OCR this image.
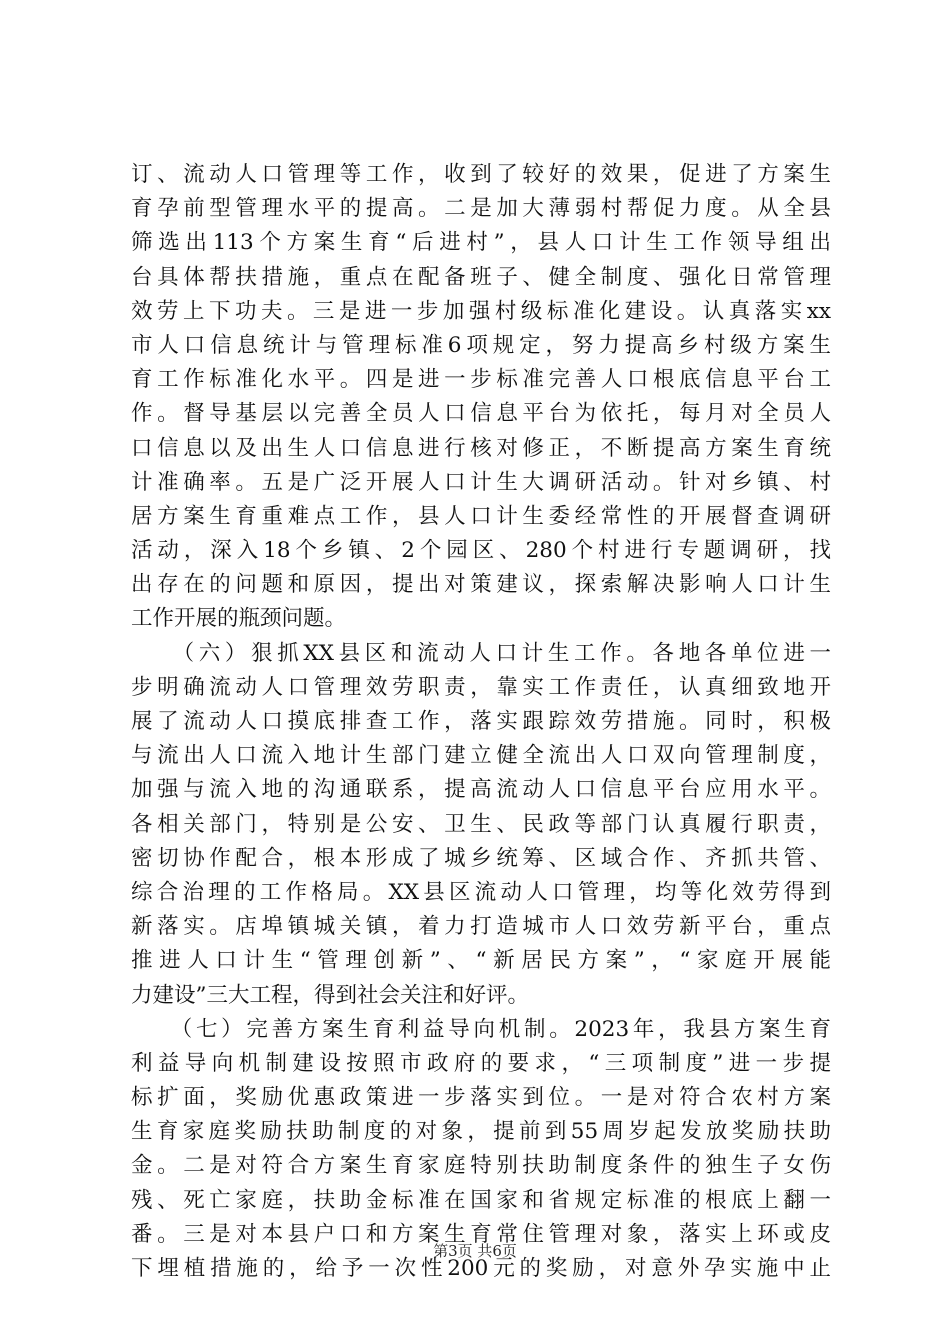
订、流动人口管理等工作，收到了较好的效果，促进了方案生
育孕前型管理水平的提高。二是加大薄弱村帮促力度。从全县
筛选出113个方案生育“后进村”，县人口计生工作领导组出
台具体帮扶措施，重点在配备班子、健全制度、强化日常管理
效劳上下功夫。三是进一步加强村级标准化建设。认真落实xx
市人口信息统计与管理标准6项规定，努力提高乡村级方案生
育工作标准化水平。四是进一步标准完善人口根底信息平台工
作。督导基层以完善全员人口信息平台为依托，每月对全员人
口信息以及出生人口信息进行核对修正，不断提高方案生育统
计准确率。五是广泛开展人口计生大调研活动。针对乡镇、村
居方案生育重难点工作，县人口计生委经常性的开展督查调研
活动，深入18个乡镇、2个园区、280个村进行专题调研，找
出存在的问题和原因，提出对策建议，探索解决影响人口计生
工作开展的瓶颈问题。
　　（六）狠抓XX县区和流动人口计生工作。各地各单位进一
步明确流动人口管理效劳职责，靠实工作责任，认真细致地开
展了流动人口摸底排查工作，落实跟踪效劳措施。同时，积极
与流出人口流入地计生部门建立健全流出人口双向管理制度，
加强与流入地的沟通联系，提高流动人口信息平台应用水平。
各相关部门，特别是公安、卫生、民政等部门认真履行职责，
密切协作配合，根本形成了城乡统筹、区域合作、齐抓共管、
综合治理的工作格局。XX县区流动人口管理，均等化效劳得到
新落实。店埠镇城关镇，着力打造城市人口效劳新平台，重点
推进人口计生“管理创新”、“新居民方案”，“家庭开展能
力建设”三大工程，得到社会关注和好评。
　　（七）完善方案生育利益导向机制。2023年，我县方案生育
利益导向机制建设按照市政府的要求，“三项制度”进一步提
标扩面，奖励优惠政策进一步落实到位。一是对符合农村方案
生育家庭奖励扶助制度的对象，提前到55周岁起发放奖励扶助
金。二是对符合方案生育家庭特别扶助制度条件的独生子女伤
残、死亡家庭，扶助金标准在国家和省规定标准的根底上翻一
番。三是对本县户口和方案生育常住管理对象，落实上环或皮
下埋植措施的，给予一次性200元的奖励，对意外孕实施中止
第3页 共6页
